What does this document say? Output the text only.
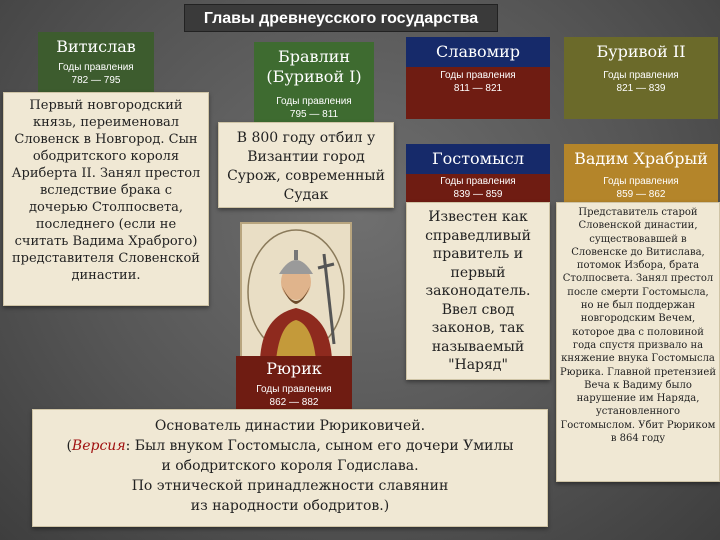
Главы древнеусского государства
Витислав
Годы правления
782 — 795
Первый новгородский князь, переименовал Словенск в Новгород. Сын ободритского короля Ариберта II. Занял престол вследствие брака с дочерью Столпосвета, последнего (если не считать Вадима Храброго) представителя Словенской династии.
Бравлин
(Буривой I)
Годы правления
795 — 811
В 800 году отбил у Византии город Сурож, современный Судак
Рюрик
Годы правления
862 — 882
Основатель династии Рюриковичей.
(Версия: Был внуком Гостомысла, сыном его дочери Умилы
и ободритского короля Годислава.
По этнической принадлежности славянин
из народности ободритов.)
Славомир
Годы правления
811 — 821
Буривой II
Годы правления
821 — 839
Гостомысл
Годы правления
839 — 859
Известен как справедливый правитель и первый законодатель. Ввел свод законов, так называемый "Наряд"
Вадим Храбрый
Годы правления
859 — 862
Представитель старой Словенской династии, существовавшей в Словенске до Витислава, потомок Избора, брата Столпосвета. Занял престол после смерти Гостомысла, но не был поддержан новгородским Вечем, которое два с половиной года спустя призвало на княжение внука Гостомысла Рюрика. Главной претензией Веча к Вадиму было нарушение им Наряда, установленного Гостомыслом. Убит Рюриком в 864 году
